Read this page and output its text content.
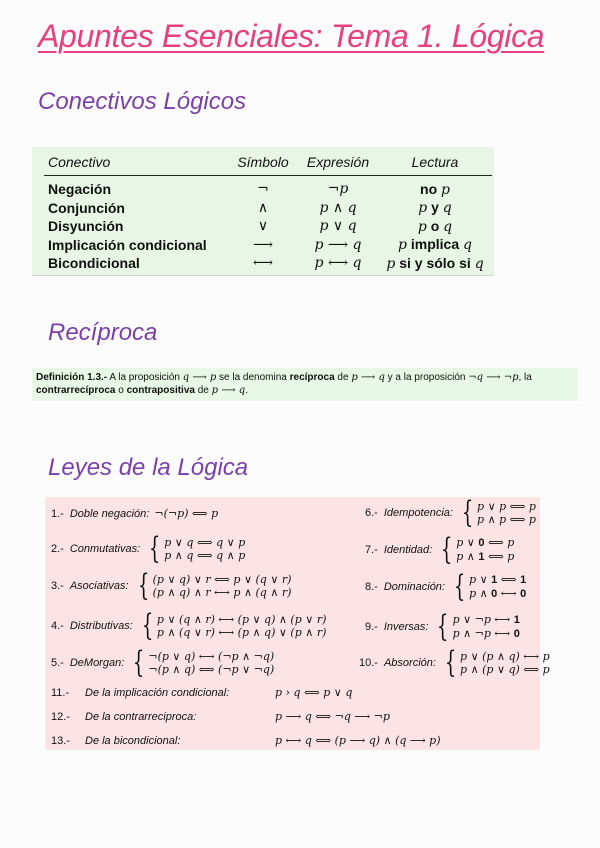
Apuntes Esenciales: Tema 1. Lógica
Conectivos Lógicos
Conectivo	Símbolo	Expresión	Lectura
Negación	¬	¬p	no p
Conjunción	∧	p ∧ q	p y q
Disyunción	∨	p ∨ q	p o q
Implicación condicional	⟶	p ⟶ q	p implica q
Bicondicional	⟷	p ⟷ q	p si y sólo si q
Recíproca
Definición 1.3.- A la proposición q ⟶ p se la denomina recíproca de p ⟶ q y a la proposición ¬q ⟶ ¬p, la
contrarrecíproca o contrapositiva de p ⟶ q.
Leyes de la Lógica
1.- Doble negación: ¬(¬p) ⟺ p
2.- Conmutativas: { p ∨ q ⟺ q ∨ p
p ∧ q ⟺ q ∧ p
3.- Asociativas: { (p ∨ q) ∨ r ⟺ p ∨ (q ∨ r)
(p ∧ q) ∧ r ⟷ p ∧ (q ∧ r)
4.- Distributivas: { p ∨ (q ∧ r) ⟷ (p ∨ q) ∧ (p ∨ r)
p ∧ (q ∨ r) ⟷ (p ∧ q) ∨ (p ∧ r)
5.- DeMorgan: { ¬(p ∨ q) ⟷ (¬p ∧ ¬q)
¬(p ∧ q) ⟺ (¬p ∨ ¬q)
6.- Idempotencia: { p ∨ p ⟺ p
p ∧ p ⟺ p
7.- Identidad: { p ∨ 0 ⟺ p
p ∧ 1 ⟺ p
8.- Dominación: { p ∨ 1 ⟺ 1
p ∧ 0 ⟷ 0
9.- Inversas: { p ∨ ¬p ⟷ 1
p ∧ ¬p ⟷ 0
10.- Absorción: { p ∨ (p ∧ q) ⟷ p
p ∧ (p ∨ q) ⟺ p
11.- De la implicación condicional:	p › q ⟺ p ∨ q
12.- De la contrarreciproca:	p ⟶ q ⟺ ¬q ⟶ ¬p
13.- De la bicondicional:	p ⟷ q ⟺ (p ⟶ q) ∧ (q ⟶ p)
